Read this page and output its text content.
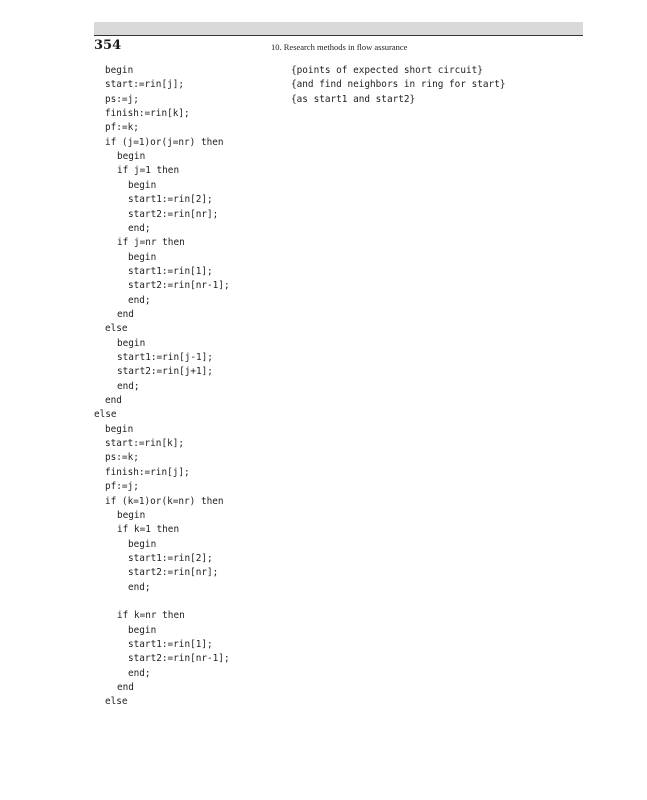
354	10. Research methods in flow assurance
{points of expected short circuit}
{and find neighbors in ring for start}
{as start1 and start2}
begin
start:=rin[j];
ps:=j;
finish:=rin[k];
pf:=k;
if (j=1)or(j=nr) then
begin
if j=1 then
begin
start1:=rin[2];
start2:=rin[nr];
end;
if j=nr then
begin
start1:=rin[1];
start2:=rin[nr-1];
end;
end
else
begin
start1:=rin[j-1];
start2:=rin[j+1];
end;
end
else
begin
start:=rin[k];
ps:=k;
finish:=rin[j];
pf:=j;
if (k=1)or(k=nr) then
begin
if k=1 then
begin
start1:=rin[2];
start2:=rin[nr];
end;
if k=nr then
begin
start1:=rin[1];
start2:=rin[nr-1];
end;
end
else
